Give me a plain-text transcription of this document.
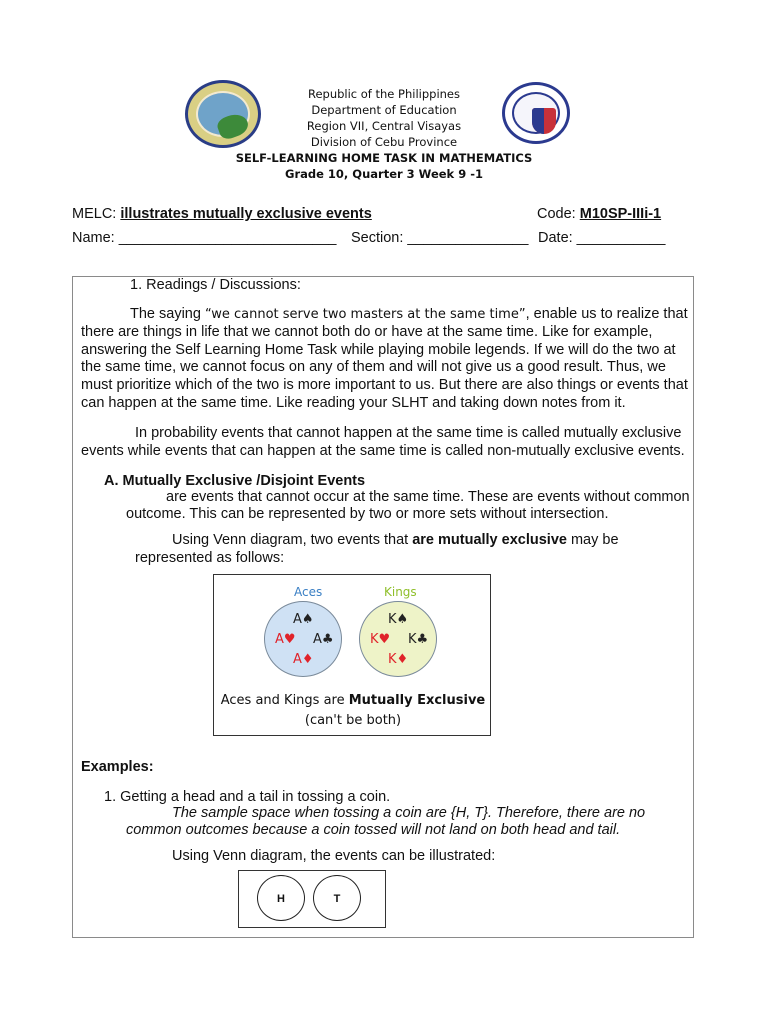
Republic of the Philippines
Department of Education
Region VII, Central Visayas
Division of Cebu Province
SELF-LEARNING HOME TASK IN MATHEMATICS
Grade 10, Quarter 3 Week 9 -1
MELC: illustrates mutually exclusive events	Code: M10SP-IIIi-1
Name: ___________________________ Section: _______________ Date: ___________
1. Readings / Discussions:
The saying “we cannot serve two masters at the same time”, enable us to realize that
there are things in life that we cannot both do or have at the same time. Like for example,
answering the Self Learning Home Task while playing mobile legends. If we will do the two at
the same time, we cannot focus on any of them and will not give us a good result. Thus, we
must prioritize which of the two is more important to us. But there are also things or events that
can happen at the same time. Like reading your SLHT and taking down notes from it.
In probability events that cannot happen at the same time is called mutually exclusive
events while events that can happen at the same time is called non-mutually exclusive events.
A. Mutually Exclusive /Disjoint Events
are events that cannot occur at the same time. These are events without common
outcome. This can be represented by two or more sets without intersection.
Using Venn diagram, two events that are mutually exclusive may be
represented as follows:
Aces	Kings
A♠
A♥ A♣
A♦
K♠
K♥ K♣
K♦
Aces and Kings are Mutually Exclusive
(can't be both)
Examples:
1. Getting a head and a tail in tossing a coin.
The sample space when tossing a coin are {H, T}. Therefore, there are no
common outcomes because a coin tossed will not land on both head and tail.
Using Venn diagram, the events can be illustrated:
H	T
